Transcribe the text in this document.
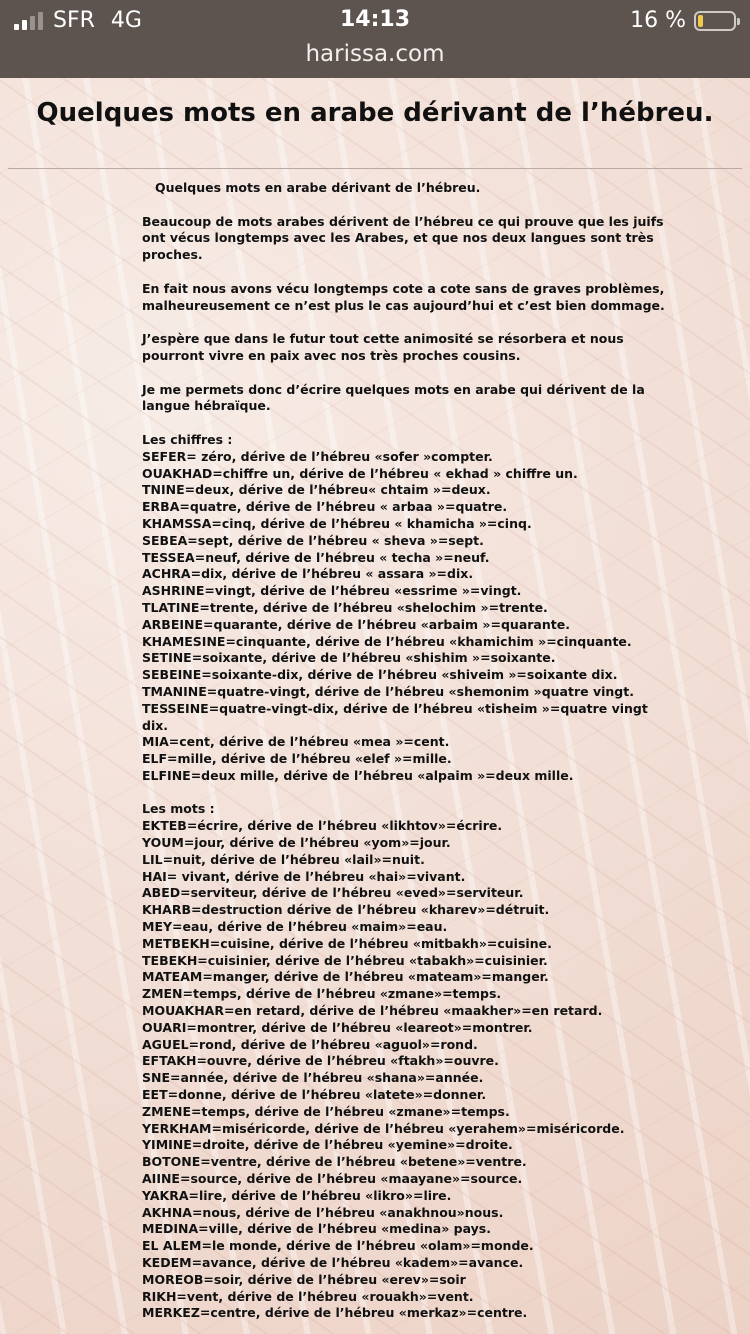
SFR 4G	14:13	16 %
harissa.com
Quelques mots en arabe dérivant de l’hébreu.

Quelques mots en arabe dérivant de l’hébreu.

Beaucoup de mots arabes dérivent de l’hébreu ce qui prouve que les juifs ont vécus longtemps avec les Arabes, et que nos deux langues sont très proches.

En fait nous avons vécu longtemps cote a cote sans de graves problèmes, malheureusement ce n’est plus le cas aujourd’hui et c’est bien dommage.

J’espère que dans le futur tout cette animosité se résorbera et nous pourront vivre en paix avec nos très proches cousins.

Je me permets donc d’écrire quelques mots en arabe qui dérivent de la langue hébraïque.

Les chiffres :

SEFER= zéro, dérive de l’hébreu «sofer »compter.
OUAKHAD=chiffre un, dérive de l’hébreu « ekhad » chiffre un.
TNINE=deux, dérive de l’hébreu« chtaim »=deux.
ERBA=quatre, dérive de l’hébreu « arbaa »=quatre.
KHAMSSA=cinq, dérive de l’hébreu « khamicha »=cinq.
SEBEA=sept, dérive de l’hébreu « sheva »=sept.
TESSEA=neuf, dérive de l’hébreu « techa »=neuf.
ACHRA=dix, dérive de l’hébreu « assara »=dix.
ASHRINE=vingt, dérive de l’hébreu «essrime »=vingt.
TLATINE=trente, dérive de l’hébreu «shelochim »=trente.
ARBEINE=quarante, dérive de l’hébreu «arbaim »=quarante.
KHAMESINE=cinquante, dérive de l’hébreu «khamichim »=cinquante.
SETINE=soixante, dérive de l’hébreu «shishim »=soixante.
SEBEINE=soixante-dix, dérive de l’hébreu «shiveim »=soixante dix.
TMANINE=quatre-vingt, dérive de l’hébreu «shemonim »quatre vingt.
TESSEINE=quatre-vingt-dix, dérive de l’hébreu «tisheim »=quatre vingt dix.
MIA=cent, dérive de l’hébreu «mea »=cent.
ELF=mille, dérive de l’hébreu «elef »=mille.
ELFINE=deux mille, dérive de l’hébreu «alpaim »=deux mille.

Les mots :

EKTEB=écrire, dérive de l’hébreu «likhtov»=écrire.
YOUM=jour, dérive de l’hébreu «yom»=jour.
LIL=nuit, dérive de l’hébreu «lail»=nuit.
HAI= vivant, dérive de l’hébreu «hai»=vivant.
ABED=serviteur, dérive de l’hébreu «eved»=serviteur.
KHARB=destruction dérive de l’hébreu «kharev»=détruit.
MEY=eau, dérive de l’hébreu «maim»=eau.
METBEKH=cuisine, dérive de l’hébreu «mitbakh»=cuisine.
TEBEKH=cuisinier, dérive de l’hébreu «tabakh»=cuisinier.
MATEAM=manger, dérive de l’hébreu «mateam»=manger.
ZMEN=temps, dérive de l’hébreu «zmane»=temps.
MOUAKHAR=en retard, dérive de l’hébreu «maakher»=en retard.
OUARI=montrer, dérive de l’hébreu «leareot»=montrer.
AGUEL=rond, dérive de l’hébreu «aguol»=rond.
EFTAKH=ouvre, dérive de l’hébreu «ftakh»=ouvre.
SNE=année, dérive de l’hébreu «shana»=année.
EET=donne, dérive de l’hébreu «latete»=donner.
ZMENE=temps, dérive de l’hébreu «zmane»=temps.
YERKHAM=miséricorde, dérive de l’hébreu «yerahem»=miséricorde.
YIMINE=droite, dérive de l’hébreu «yemine»=droite.
BOTONE=ventre, dérive de l’hébreu «betene»=ventre.
AIINE=source, dérive de l’hébreu «maayane»=source.
YAKRA=lire, dérive de l’hébreu «likro»=lire.
AKHNA=nous, dérive de l’hébreu «anakhnou»nous.
MEDINA=ville, dérive de l’hébreu «medina» pays.
EL ALEM=le monde, dérive de l’hébreu «olam»=monde.
KEDEM=avance, dérive de l’hébreu «kadem»=avance.
MOREOB=soir, dérive de l’hébreu «erev»=soir
RIKH=vent, dérive de l’hébreu «rouakh»=vent.
MERKEZ=centre, dérive de l’hébreu «merkaz»=centre.
